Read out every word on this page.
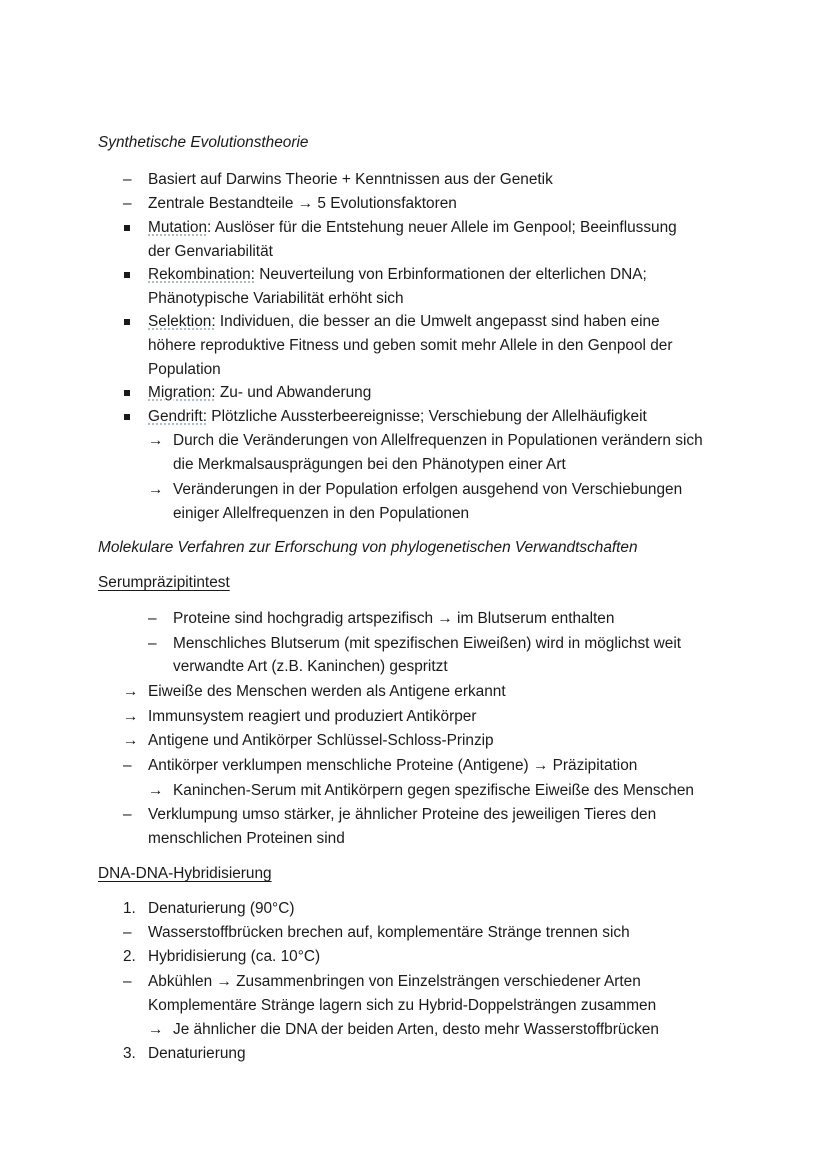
Synthetische Evolutionstheorie
– Basiert auf Darwins Theorie + Kenntnissen aus der Genetik
– Zentrale Bestandteile → 5 Evolutionsfaktoren
Mutation: Auslöser für die Entstehung neuer Allele im Genpool; Beeinflussung
der Genvariabilität
Rekombination: Neuverteilung von Erbinformationen der elterlichen DNA;
Phänotypische Variabilität erhöht sich
Selektion: Individuen, die besser an die Umwelt angepasst sind haben eine
höhere reproduktive Fitness und geben somit mehr Allele in den Genpool der
Population
Migration: Zu- und Abwanderung
Gendrift: Plötzliche Aussterbeereignisse; Verschiebung der Allelhäufigkeit
→ Durch die Veränderungen von Allelfrequenzen in Populationen verändern sich
die Merkmalsausprägungen bei den Phänotypen einer Art
→ Veränderungen in der Population erfolgen ausgehend von Verschiebungen
einiger Allelfrequenzen in den Populationen
Molekulare Verfahren zur Erforschung von phylogenetischen Verwandtschaften
Serumpräzipitintest
– Proteine sind hochgradig artspezifisch → im Blutserum enthalten
– Menschliches Blutserum (mit spezifischen Eiweißen) wird in möglichst weit
verwandte Art (z.B. Kaninchen) gespritzt
→ Eiweiße des Menschen werden als Antigene erkannt
→ Immunsystem reagiert und produziert Antikörper
→ Antigene und Antikörper Schlüssel-Schloss-Prinzip
– Antikörper verklumpen menschliche Proteine (Antigene) → Präzipitation
→ Kaninchen-Serum mit Antikörpern gegen spezifische Eiweiße des Menschen
– Verklumpung umso stärker, je ähnlicher Proteine des jeweiligen Tieres den
menschlichen Proteinen sind
DNA-DNA-Hybridisierung
1. Denaturierung (90°C)
– Wasserstoffbrücken brechen auf, komplementäre Stränge trennen sich
2. Hybridisierung (ca. 10°C)
– Abkühlen → Zusammenbringen von Einzelsträngen verschiedener Arten
Komplementäre Stränge lagern sich zu Hybrid-Doppelsträngen zusammen
→ Je ähnlicher die DNA der beiden Arten, desto mehr Wasserstoffbrücken
3. Denaturierung
